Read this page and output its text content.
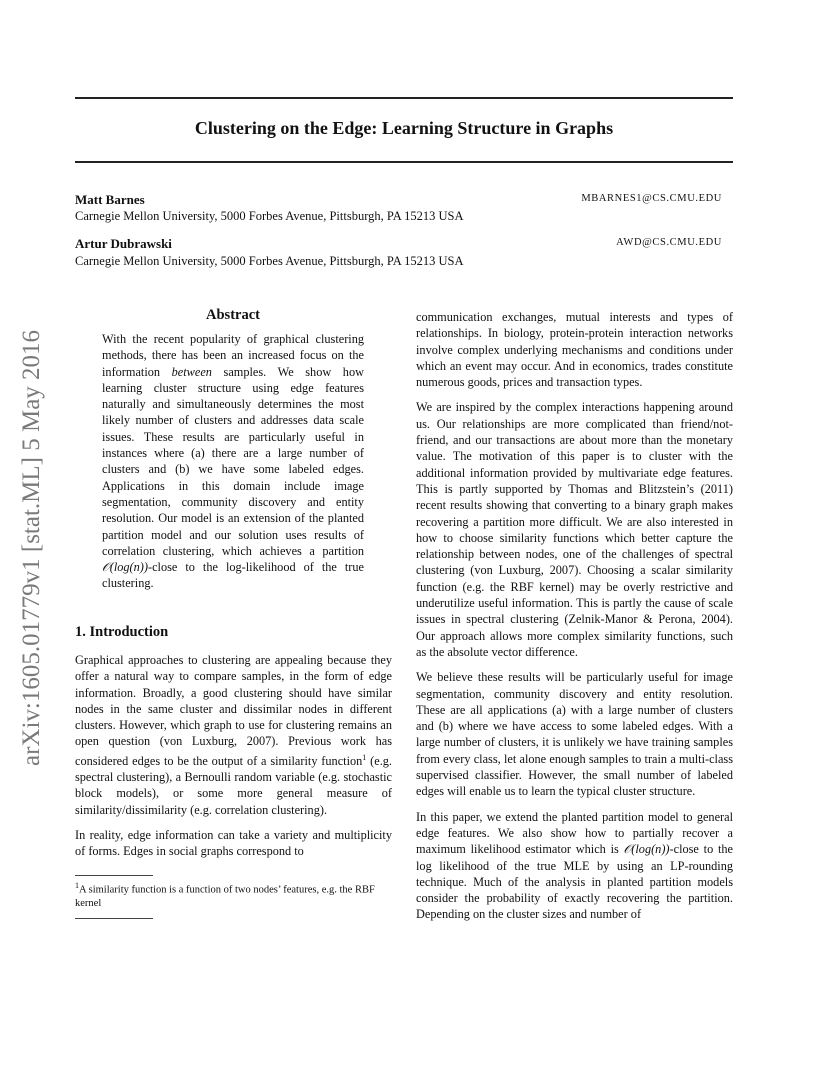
arXiv:1605.01779v1 [stat.ML] 5 May 2016
Clustering on the Edge: Learning Structure in Graphs
Matt Barnes	MBARNES1@CS.CMU.EDU
Carnegie Mellon University, 5000 Forbes Avenue, Pittsburgh, PA 15213 USA
Artur Dubrawski	AWD@CS.CMU.EDU
Carnegie Mellon University, 5000 Forbes Avenue, Pittsburgh, PA 15213 USA
Abstract
With the recent popularity of graphical clustering methods, there has been an increased focus on the information between samples. We show how learning cluster structure using edge features naturally and simultaneously determines the most likely number of clusters and addresses data scale issues. These results are particularly useful in instances where (a) there are a large number of clusters and (b) we have some labeled edges. Applications in this domain include image segmentation, community discovery and entity resolution. Our model is an extension of the planted partition model and our solution uses results of correlation clustering, which achieves a partition 𝒪(log(n))-close to the log-likelihood of the true clustering.
1. Introduction

Graphical approaches to clustering are appealing because they offer a natural way to compare samples, in the form of edge information. Broadly, a good clustering should have similar nodes in the same cluster and dissimilar nodes in different clusters. However, which graph to use for clustering remains an open question (von Luxburg, 2007). Previous work has considered edges to be the output of a similarity function$^1$ (e.g. spectral clustering), a Bernoulli random variable (e.g. stochastic block models), or some more general measure of similarity/dissimilarity (e.g. correlation clustering).

In reality, edge information can take a variety and multiplicity of forms. Edges in social graphs correspond to

$^1$A similarity function is a function of two nodes’ features, e.g. the RBF kernel

communication exchanges, mutual interests and types of relationships. In biology, protein-protein interaction networks involve complex underlying mechanisms and conditions under which an event may occur. And in economics, trades constitute numerous goods, prices and transaction types.

We are inspired by the complex interactions happening around us. Our relationships are more complicated than friend/not-friend, and our transactions are about more than the monetary value. The motivation of this paper is to cluster with the additional information provided by multivariate edge features. This is partly supported by Thomas and Blitzstein’s (2011) recent results showing that converting to a binary graph makes recovering a partition more difficult. We are also interested in how to choose similarity functions which better capture the relationship between nodes, one of the challenges of spectral clustering (von Luxburg, 2007). Choosing a scalar similarity function (e.g. the RBF kernel) may be overly restrictive and underutilize useful information. This is partly the cause of scale issues in spectral clustering (Zelnik-Manor & Perona, 2004). Our approach allows more complex similarity functions, such as the absolute vector difference.

We believe these results will be particularly useful for image segmentation, community discovery and entity resolution. These are all applications (a) with a large number of clusters and (b) where we have access to some labeled edges. With a large number of clusters, it is unlikely we have training samples from every class, let alone enough samples to train a multi-class supervised classifier. However, the small number of labeled edges will enable us to learn the typical cluster structure.

In this paper, we extend the planted partition model to general edge features. We also show how to partially recover a maximum likelihood estimator which is 𝒪(log(n))-close to the log likelihood of the true MLE by using an LP-rounding technique. Much of the analysis in planted partition models consider the probability of exactly recovering the partition. Depending on the cluster sizes and number of
